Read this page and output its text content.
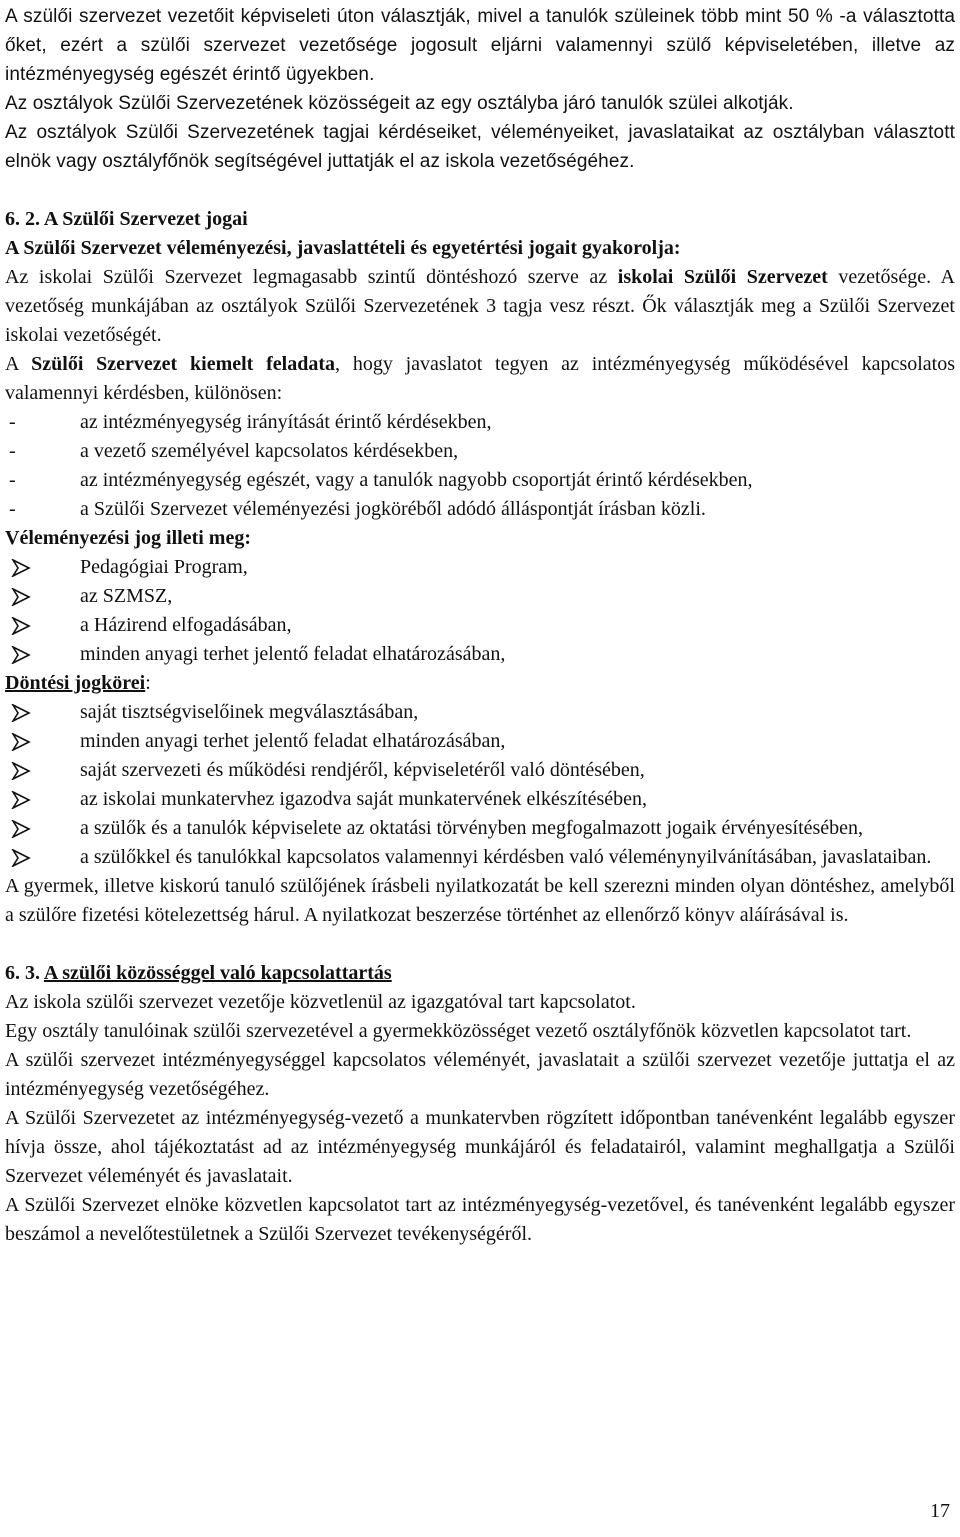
A szülői szervezet vezetőit képviseleti úton választják, mivel a tanulók szüleinek több mint 50 % -a választotta őket, ezért a szülői szervezet vezetősége jogosult eljárni valamennyi szülő képviseletében, illetve az intézményegység egészét érintő ügyekben.

Az osztályok Szülői Szervezetének közösségeit az egy osztályba járó tanulók szülei alkotják.

Az osztályok Szülői Szervezetének tagjai kérdéseiket, véleményeiket, javaslataikat az osztályban választott elnök vagy osztályfőnök segítségével juttatják el az iskola vezetőségéhez.

6. 2. A Szülői Szervezet jogai

A Szülői Szervezet véleményezési, javaslattételi és egyetértési jogait gyakorolja:

Az iskolai Szülői Szervezet legmagasabb szintű döntéshozó szerve az iskolai Szülői Szervezet vezetősége. A vezetőség munkájában az osztályok Szülői Szervezetének 3 tagja vesz részt. Ők választják meg a Szülői Szervezet iskolai vezetőségét.

A Szülői Szervezet kiemelt feladata, hogy javaslatot tegyen az intézményegység működésével kapcsolatos valamennyi kérdésben, különösen:

-	az intézményegység irányítását érintő kérdésekben,

-	a vezető személyével kapcsolatos kérdésekben,

-	az intézményegység egészét, vagy a tanulók nagyobb csoportját érintő kérdésekben,

-	a Szülői Szervezet véleményezési jogköréből adódó álláspontját írásban közli.

Véleményezési jog illeti meg:

Pedagógiai Program,

az SZMSZ,

a Házirend elfogadásában,

minden anyagi terhet jelentő feladat elhatározásában,

Döntési jogkörei:

saját tisztségviselőinek megválasztásában,

minden anyagi terhet jelentő feladat elhatározásában,

saját szervezeti és működési rendjéről, képviseletéről való döntésében,

az iskolai munkatervhez igazodva saját munkatervének elkészítésében,

a szülők és a tanulók képviselete az oktatási törvényben megfogalmazott jogaik érvényesítésében,

a szülőkkel és tanulókkal kapcsolatos valamennyi kérdésben való véleménynyilvánításában, javaslataiban.

A gyermek, illetve kiskorú tanuló szülőjének írásbeli nyilatkozatát be kell szerezni minden olyan döntéshez, amelyből a szülőre fizetési kötelezettség hárul. A nyilatkozat beszerzése történhet az ellenőrző könyv aláírásával is.

6. 3. A szülői közösséggel való kapcsolattartás

Az iskola szülői szervezet vezetője közvetlenül az igazgatóval tart kapcsolatot.

Egy osztály tanulóinak szülői szervezetével a gyermekközösséget vezető osztályfőnök közvetlen kapcsolatot tart.

A szülői szervezet intézményegységgel kapcsolatos véleményét, javaslatait a szülői szervezet vezetője juttatja el az intézményegység vezetőségéhez.

A Szülői Szervezetet az intézményegység-vezető a munkatervben rögzített időpontban tanévenként legalább egyszer hívja össze, ahol tájékoztatást ad az intézményegység munkájáról és feladatairól, valamint meghallgatja a Szülői Szervezet véleményét és javaslatait.

A Szülői Szervezet elnöke közvetlen kapcsolatot tart az intézményegység-vezetővel, és tanévenként legalább egyszer beszámol a nevelőtestületnek a Szülői Szervezet tevékenységéről.

17
